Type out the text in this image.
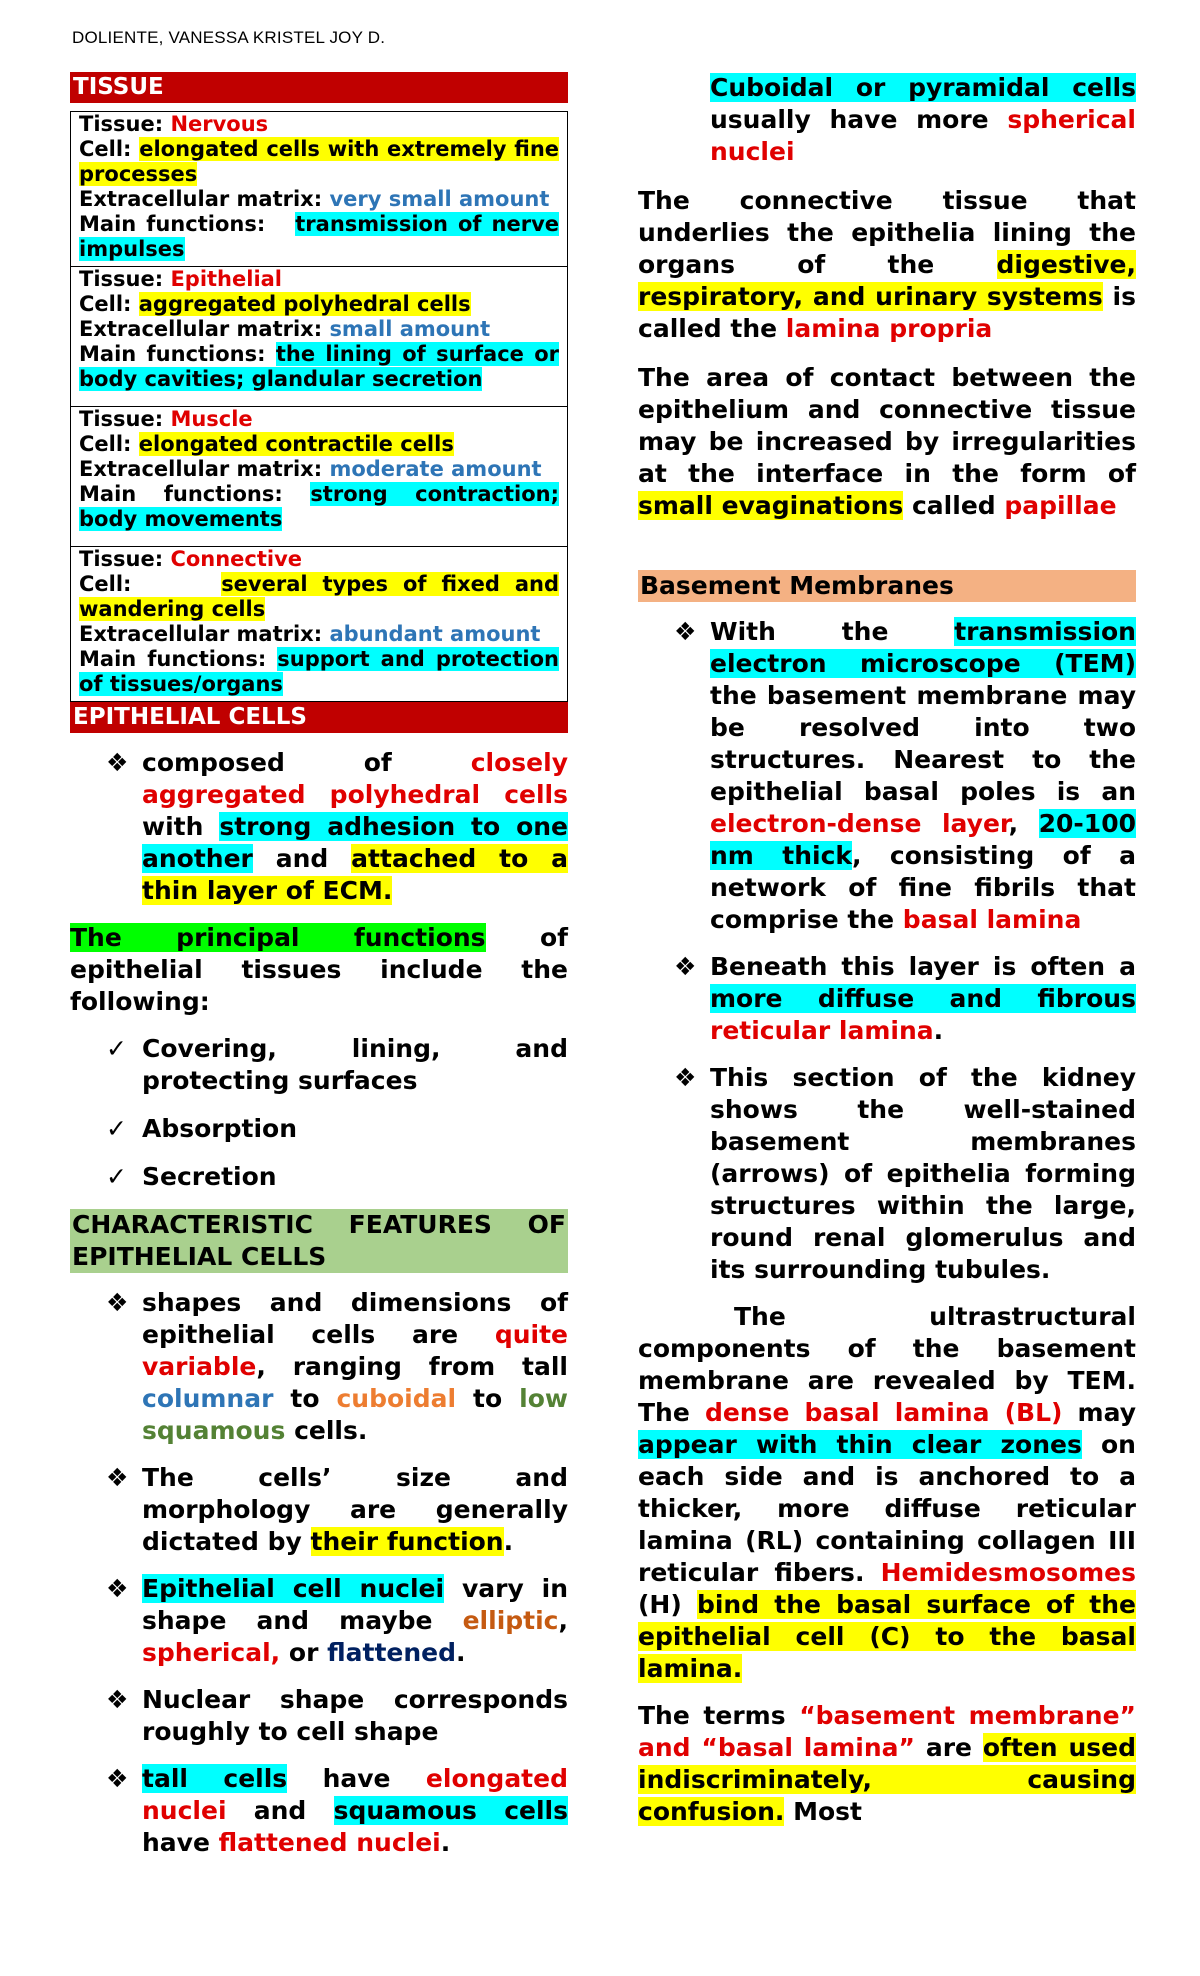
DOLIENTE, VANESSA KRISTEL JOY D.
TISSUE
Tissue: Nervous
Cell: elongated cells with extremely fine processes
Extracellular matrix: very small amount
Main functions: transmission of nerve impulses
Tissue: Epithelial
Cell: aggregated polyhedral cells
Extracellular matrix: small amount
Main functions: the lining of surface or body cavities; glandular secretion
Tissue: Muscle
Cell: elongated contractile cells
Extracellular matrix: moderate amount
Main functions: strong contraction; body movements
Tissue: Connective
Cell:	several types of fixed and wandering cells
Extracellular matrix: abundant amount
Main functions: support and protection of tissues/organs
EPITHELIAL CELLS
❖ composed of closely aggregated polyhedral cells with strong adhesion to one another and attached to a thin layer of ECM.

The principal functions of epithelial tissues include the following:

✓ Covering, lining, and protecting surfaces
✓ Absorption
✓ Secretion
CHARACTERISTIC FEATURES OF EPITHELIAL CELLS
❖ shapes and dimensions of epithelial cells are quite variable, ranging from tall columnar to cuboidal to low squamous cells.
❖ The cells’ size and morphology are generally dictated by their function.
❖ Epithelial cell nuclei vary in shape and maybe elliptic, spherical, or flattened.
❖ Nuclear shape corresponds roughly to cell shape
❖ tall cells have elongated nuclei and squamous cells have flattened nuclei.
Cuboidal or pyramidal cells usually have more spherical nuclei

The connective tissue that underlies the epithelia lining the organs of the digestive, respiratory, and urinary systems is called the lamina propria

The area of contact between the epithelium and connective tissue may be increased by irregularities at the interface in the form of small evaginations called papillae

Basement Membranes
❖ With the transmission electron microscope (TEM) the basement membrane may be resolved into two structures. Nearest to the epithelial basal poles is an electron-dense layer, 20-100 nm thick, consisting of a network of fine fibrils that comprise the basal lamina
❖ Beneath this layer is often a more diffuse and fibrous reticular lamina.
❖ This section of the kidney shows the well-stained basement membranes (arrows) of epithelia forming structures within the large, round renal glomerulus and its surrounding tubules.

The ultrastructural components of the basement membrane are revealed by TEM. The dense basal lamina (BL) may appear with thin clear zones on each side and is anchored to a thicker, more diffuse reticular lamina (RL) containing collagen III reticular fibers. Hemidesmosomes (H) bind the basal surface of the epithelial cell (C) to the basal lamina.

The terms “basement membrane” and “basal lamina” are often used indiscriminately, causing confusion. Most
